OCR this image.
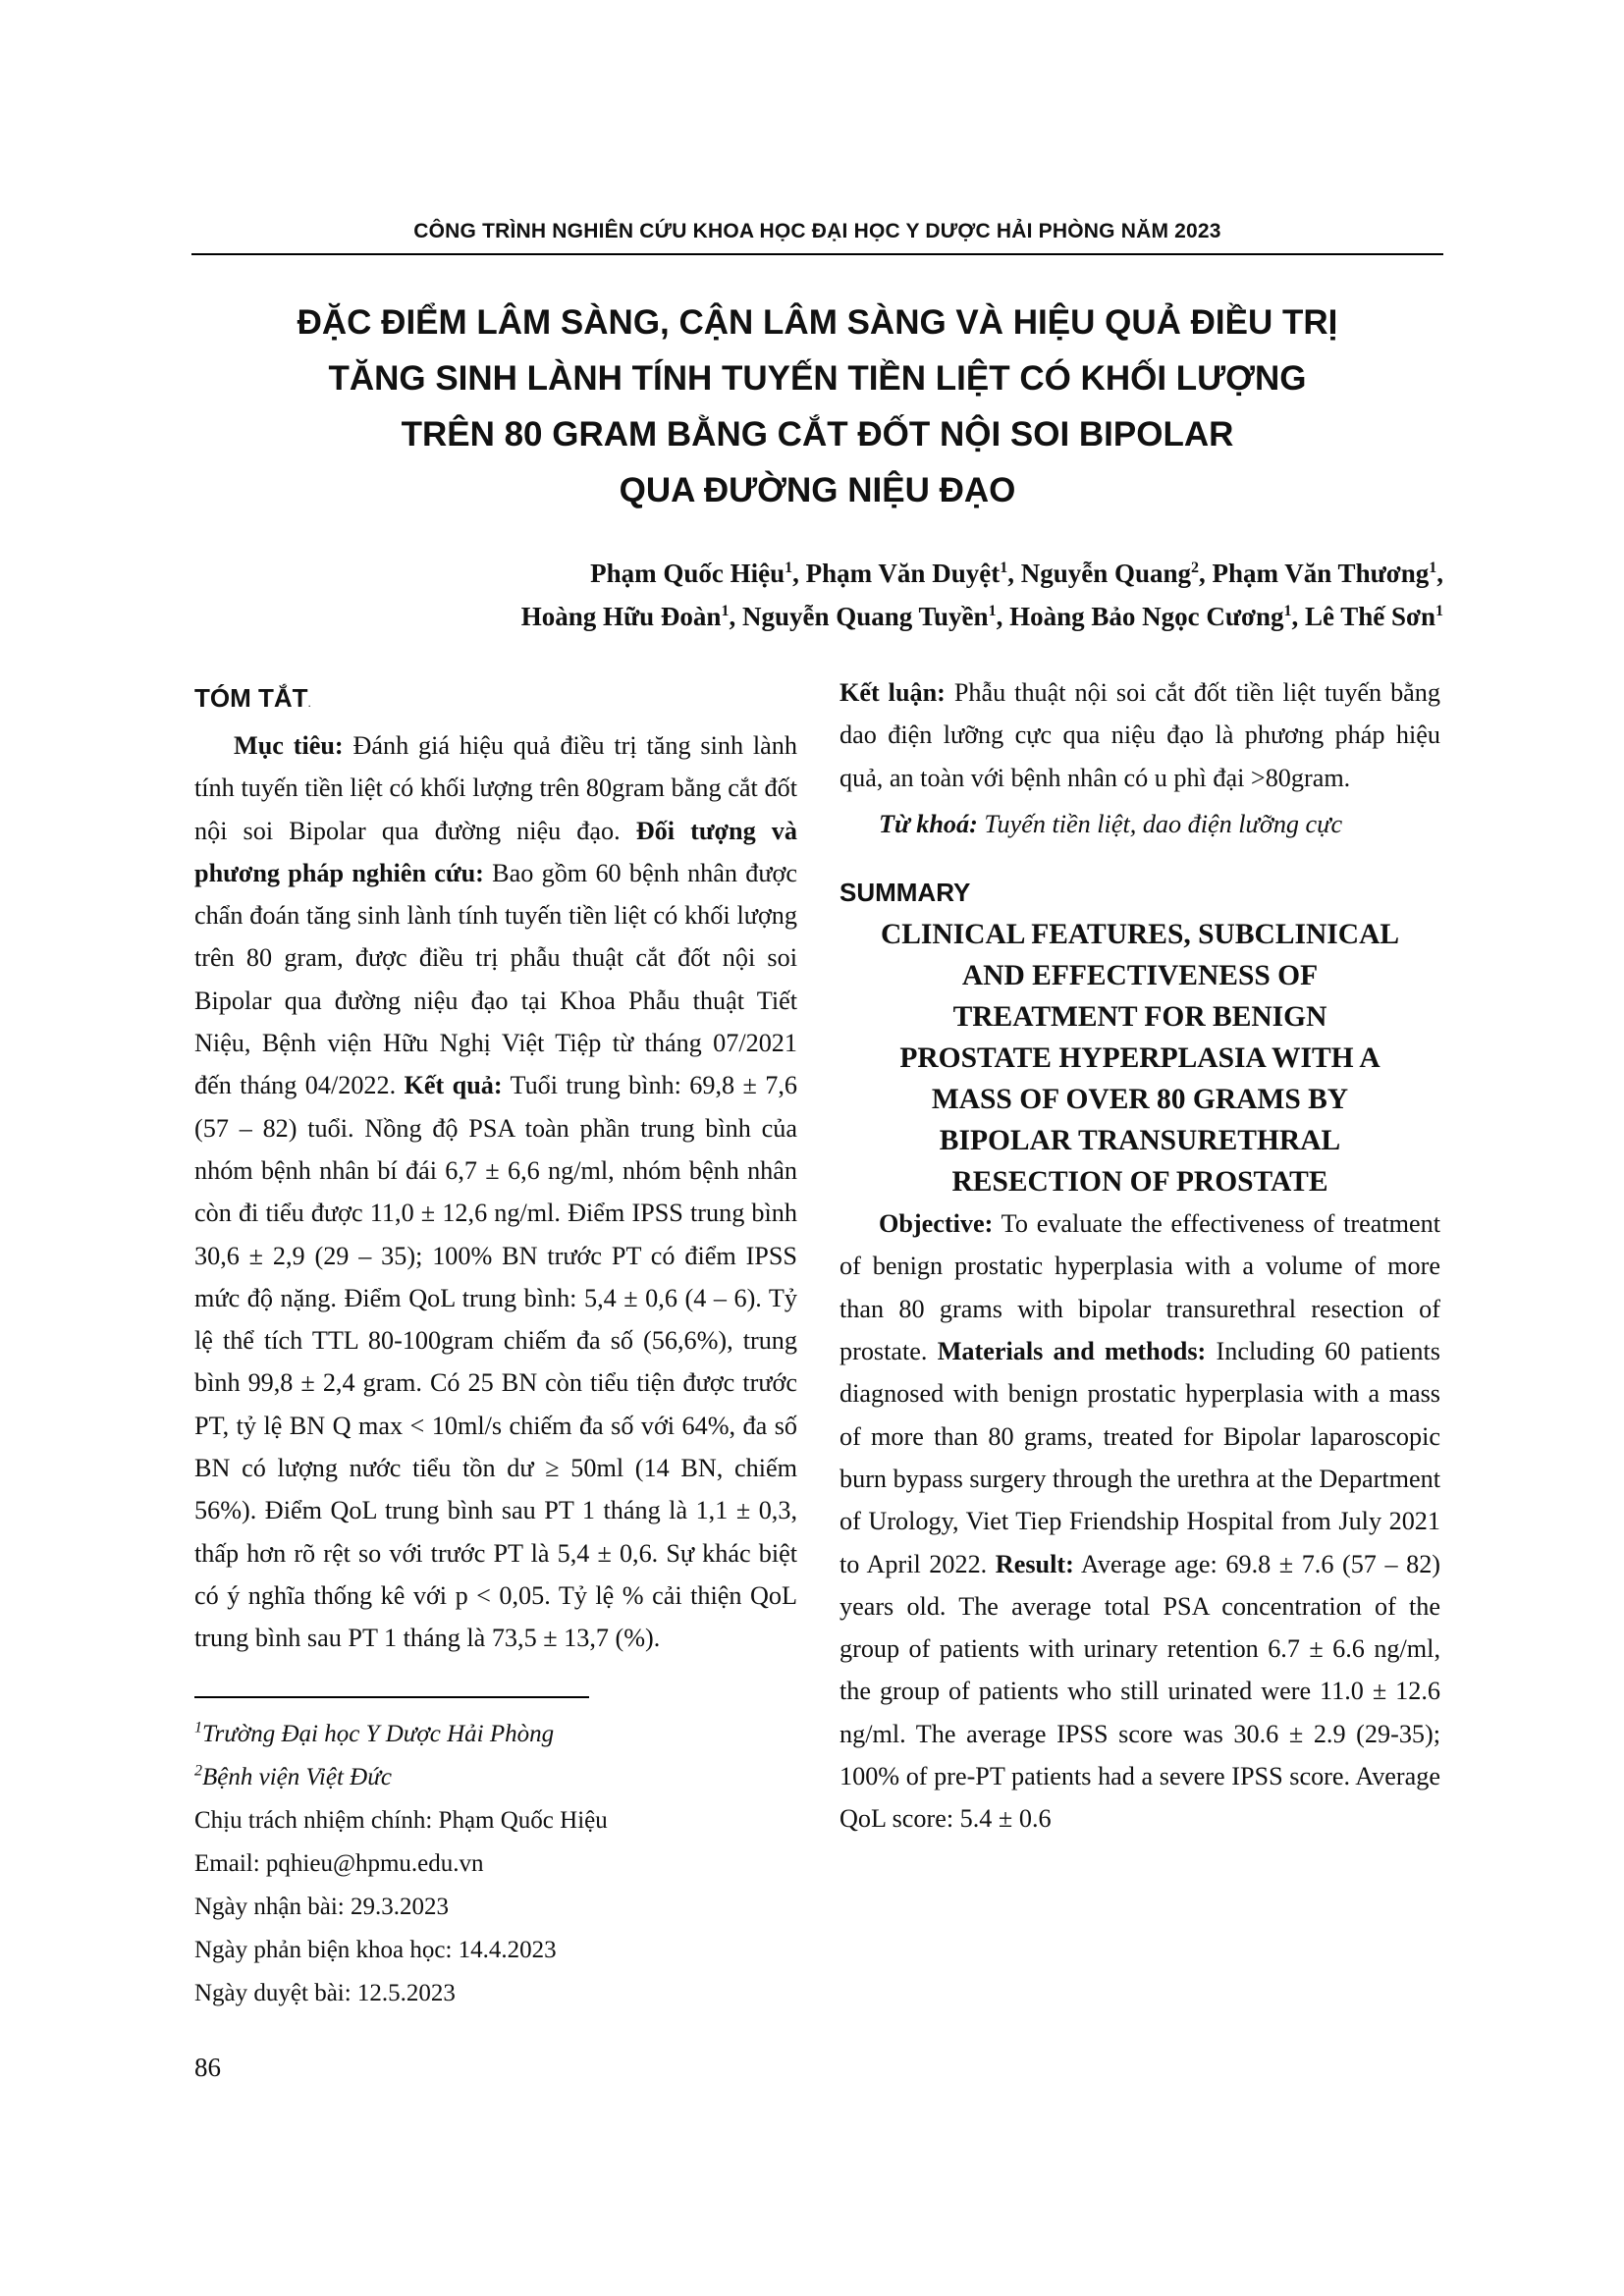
CÔNG TRÌNH NGHIÊN CỨU KHOA HỌC ĐẠI HỌC Y DƯỢC HẢI PHÒNG NĂM 2023
ĐẶC ĐIỂM LÂM SÀNG, CẬN LÂM SÀNG VÀ HIỆU QUẢ ĐIỀU TRỊ
TĂNG SINH LÀNH TÍNH TUYẾN TIỀN LIỆT CÓ KHỐI LƯỢNG
TRÊN 80 GRAM BẰNG CẮT ĐỐT NỘI SOI BIPOLAR
QUA ĐƯỜNG NIỆU ĐẠO
Phạm Quốc Hiệu$^1$, Phạm Văn Duyệt$^1$, Nguyễn Quang$^2$, Phạm Văn Thương$^1$,
Hoàng Hữu Đoàn$^1$, Nguyễn Quang Tuyền$^1$, Hoàng Bảo Ngọc Cương$^1$, Lê Thế Sơn$^1$
TÓM TẮT.

Mục tiêu: Đánh giá hiệu quả điều trị tăng sinh lành tính tuyến tiền liệt có khối lượng trên 80gram bằng cắt đốt nội soi Bipolar qua đường niệu đạo. Đối tượng và phương pháp nghiên cứu: Bao gồm 60 bệnh nhân được chẩn đoán tăng sinh lành tính tuyến tiền liệt có khối lượng trên 80 gram, được điều trị phẫu thuật cắt đốt nội soi Bipolar qua đường niệu đạo tại Khoa Phẫu thuật Tiết Niệu, Bệnh viện Hữu Nghị Việt Tiệp từ tháng 07/2021 đến tháng 04/2022. Kết quả: Tuổi trung bình: 69,8 ± 7,6 (57 – 82) tuổi. Nồng độ PSA toàn phần trung bình của nhóm bệnh nhân bí đái 6,7 ± 6,6 ng/ml, nhóm bệnh nhân còn đi tiểu được 11,0 ± 12,6 ng/ml. Điểm IPSS trung bình 30,6 ± 2,9 (29 – 35); 100% BN trước PT có điểm IPSS mức độ nặng. Điểm QoL trung bình: 5,4 ± 0,6 (4 – 6). Tỷ lệ thể tích TTL 80-100gram chiếm đa số (56,6%), trung bình 99,8 ± 2,4 gram. Có 25 BN còn tiểu tiện được trước PT, tỷ lệ BN Q max < 10ml/s chiếm đa số với 64%, đa số BN có lượng nước tiểu tồn dư ≥ 50ml (14 BN, chiếm 56%). Điểm QoL trung bình sau PT 1 tháng là 1,1 ± 0,3, thấp hơn rõ rệt so với trước PT là 5,4 ± 0,6. Sự khác biệt có ý nghĩa thống kê với p < 0,05. Tỷ lệ % cải thiện QoL trung bình sau PT 1 tháng là 73,5 ± 13,7 (%).

Kết luận: Phẫu thuật nội soi cắt đốt tiền liệt tuyến bằng dao điện lưỡng cực qua niệu đạo là phương pháp hiệu quả, an toàn với bệnh nhân có u phì đại >80gram.

Từ khoá: Tuyến tiền liệt, dao điện lưỡng cực

SUMMARY
CLINICAL FEATURES, SUBCLINICAL
AND EFFECTIVENESS OF
TREATMENT FOR BENIGN
PROSTATE HYPERPLASIA WITH A
MASS OF OVER 80 GRAMS BY
BIPOLAR TRANSURETHRAL
RESECTION OF PROSTATE

Objective: To evaluate the effectiveness of treatment of benign prostatic hyperplasia with a volume of more than 80 grams with bipolar transurethral resection of prostate. Materials and methods: Including 60 patients diagnosed with benign prostatic hyperplasia with a mass of more than 80 grams, treated for Bipolar laparoscopic burn bypass surgery through the urethra at the Department of Urology, Viet Tiep Friendship Hospital from July 2021 to April 2022. Result: Average age: 69.8 ± 7.6 (57 – 82) years old. The average total PSA concentration of the group of patients with urinary retention 6.7 ± 6.6 ng/ml, the group of patients who still urinated were 11.0 ± 12.6 ng/ml. The average IPSS score was 30.6 ± 2.9 (29-35); 100% of pre-PT patients had a severe IPSS score. Average QoL score: 5.4 ± 0.6

$^1$Trường Đại học Y Dược Hải Phòng
$^2$Bệnh viện Việt Đức
Chịu trách nhiệm chính: Phạm Quốc Hiệu
Email: pqhieu@hpmu.edu.vn
Ngày nhận bài: 29.3.2023
Ngày phản biện khoa học: 14.4.2023
Ngày duyệt bài: 12.5.2023
86
